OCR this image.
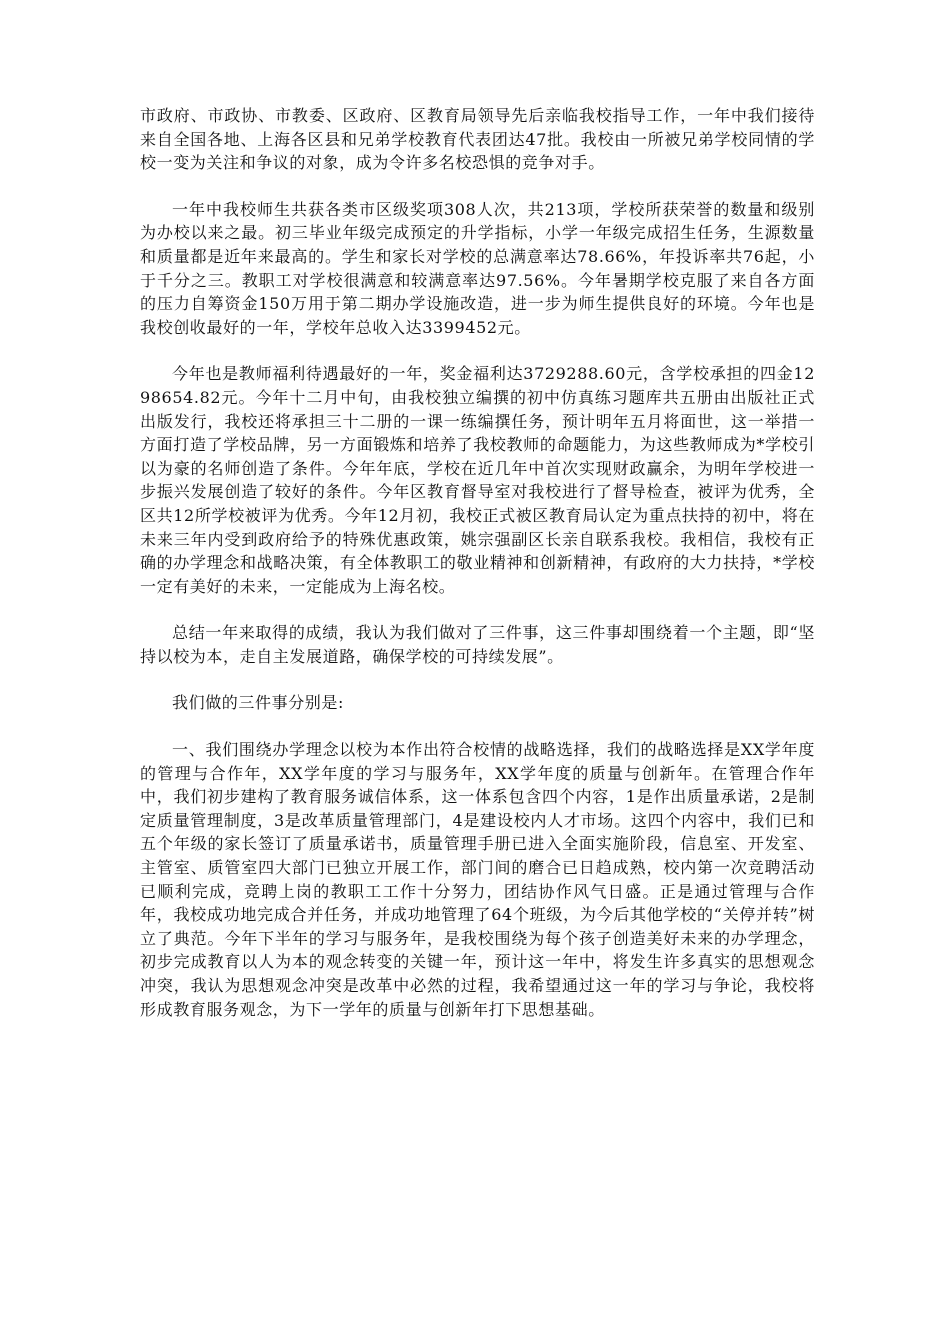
市政府、市政协、市教委、区政府、区教育局领导先后亲临我校指导工作，一年中我们接待来自全国各地、上海各区县和兄弟学校教育代表团达47批。我校由一所被兄弟学校同情的学校一变为关注和争议的对象，成为令许多名校恐惧的竞争对手。

一年中我校师生共获各类市区级奖项308人次，共213项，学校所获荣誉的数量和级别为办校以来之最。初三毕业年级完成预定的升学指标，小学一年级完成招生任务，生源数量和质量都是近年来最高的。学生和家长对学校的总满意率达78.66%，年投诉率共76起，小于千分之三。教职工对学校很满意和较满意率达97.56%。今年暑期学校克服了来自各方面的压力自筹资金150万用于第二期办学设施改造，进一步为师生提供良好的环境。今年也是我校创收最好的一年，学校年总收入达3399452元。

今年也是教师福利待遇最好的一年，奖金福利达3729288.60元，含学校承担的四金1298654.82元。今年十二月中旬，由我校独立编撰的初中仿真练习题库共五册由出版社正式出版发行，我校还将承担三十二册的一课一练编撰任务，预计明年五月将面世，这一举措一方面打造了学校品牌，另一方面锻炼和培养了我校教师的命题能力，为这些教师成为*学校引以为豪的名师创造了条件。今年年底，学校在近几年中首次实现财政赢余，为明年学校进一步振兴发展创造了较好的条件。今年区教育督导室对我校进行了督导检查，被评为优秀，全区共12所学校被评为优秀。今年12月初，我校正式被区教育局认定为重点扶持的初中，将在未来三年内受到政府给予的特殊优惠政策，姚宗强副区长亲自联系我校。我相信，我校有正确的办学理念和战略决策，有全体教职工的敬业精神和创新精神，有政府的大力扶持，*学校一定有美好的未来，一定能成为上海名校。

总结一年来取得的成绩，我认为我们做对了三件事，这三件事却围绕着一个主题，即“坚持以校为本，走自主发展道路，确保学校的可持续发展”。

我们做的三件事分别是:

一、我们围绕办学理念以校为本作出符合校情的战略选择，我们的战略选择是XX学年度的管理与合作年，XX学年度的学习与服务年，XX学年度的质量与创新年。在管理合作年中，我们初步建构了教育服务诚信体系，这一体系包含四个内容，1是作出质量承诺，2是制定质量管理制度，3是改革质量管理部门，4是建设校内人才市场。这四个内容中，我们已和五个年级的家长签订了质量承诺书，质量管理手册已进入全面实施阶段，信息室、开发室、主管室、质管室四大部门已独立开展工作，部门间的磨合已日趋成熟，校内第一次竞聘活动已顺利完成，竞聘上岗的教职工工作十分努力，团结协作风气日盛。正是通过管理与合作年，我校成功地完成合并任务，并成功地管理了64个班级，为今后其他学校的“关停并转”树立了典范。今年下半年的学习与服务年，是我校围绕为每个孩子创造美好未来的办学理念，初步完成教育以人为本的观念转变的关键一年，预计这一年中，将发生许多真实的思想观念冲突，我认为思想观念冲突是改革中必然的过程，我希望通过这一年的学习与争论，我校将形成教育服务观念，为下一学年的质量与创新年打下思想基础。
